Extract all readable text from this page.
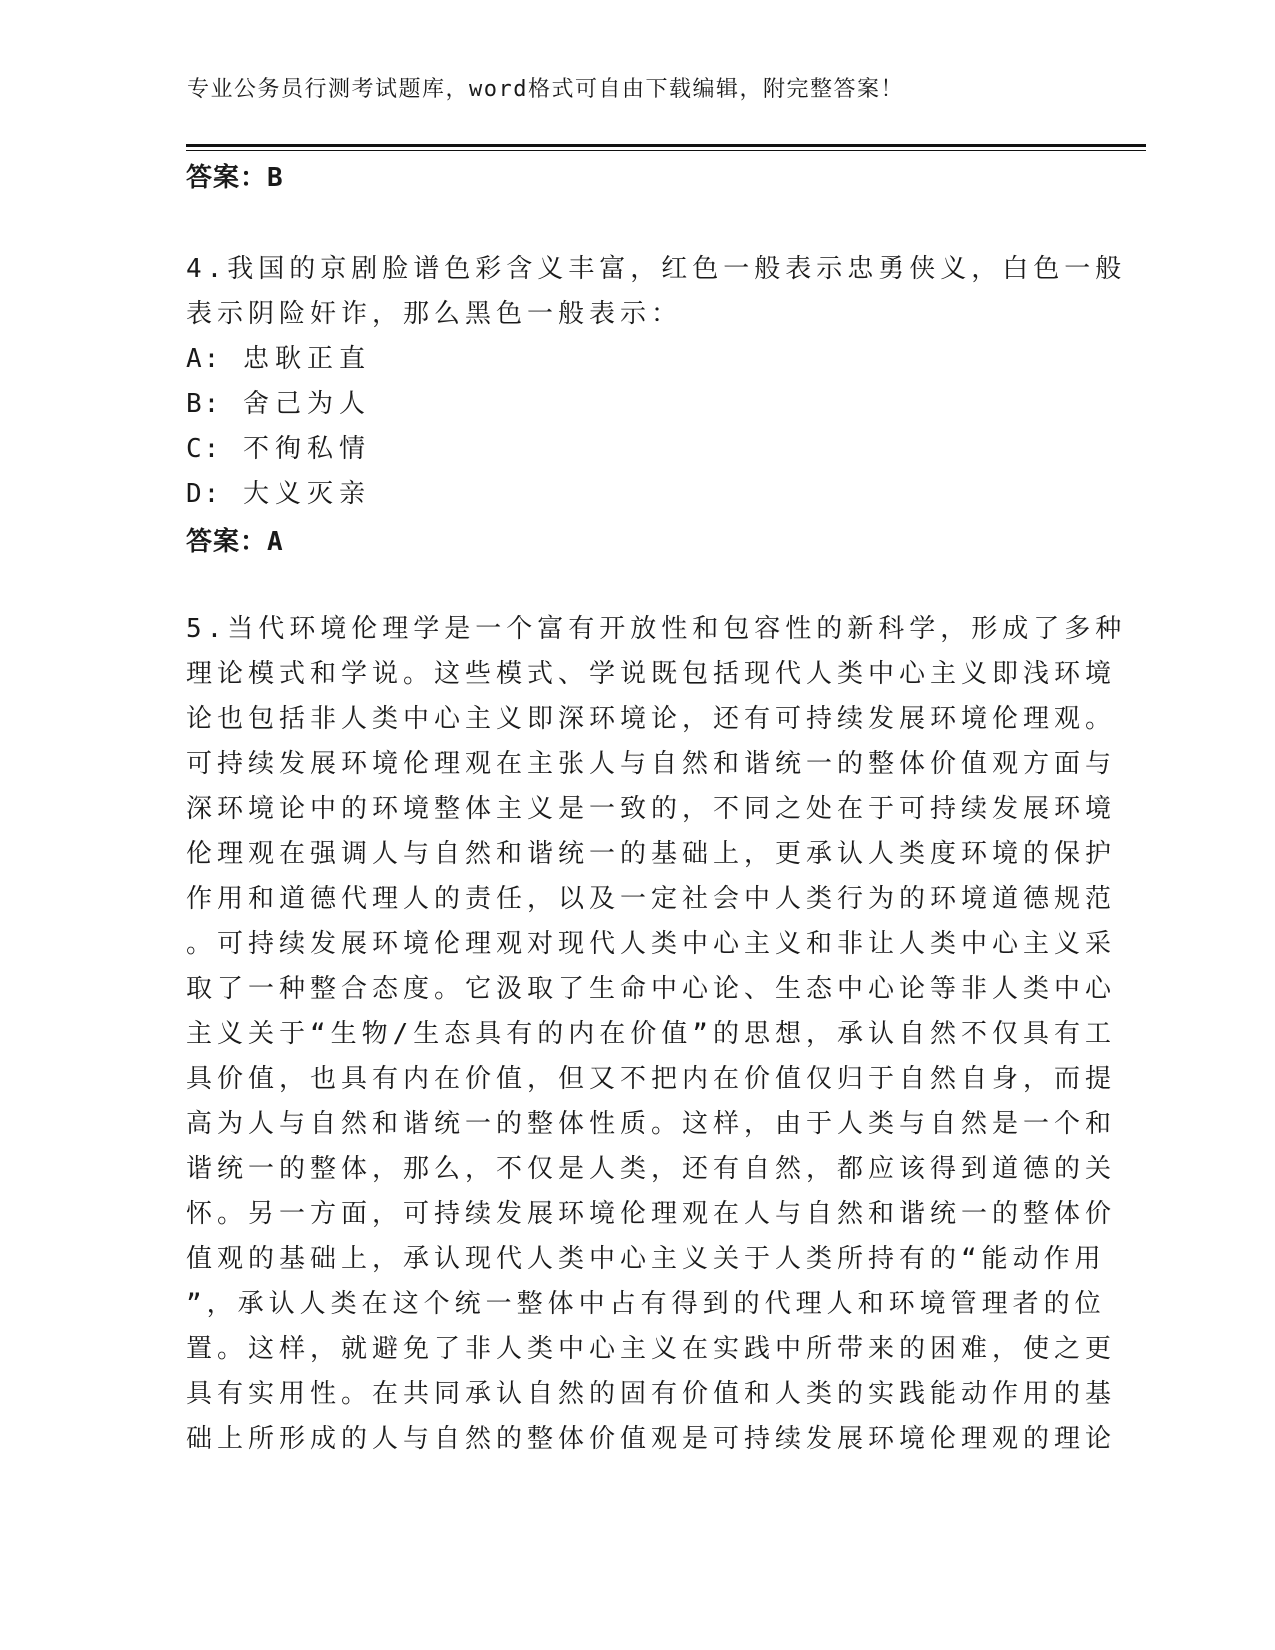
专业公务员行测考试题库，word格式可自由下载编辑，附完整答案！
答案：B
4.我国的京剧脸谱色彩含义丰富，红色一般表示忠勇侠义，白色一般
表示阴险奸诈，那么黑色一般表示：
A: 忠耿正直
B: 舍己为人
C: 不徇私情
D: 大义灭亲
答案：A
5.当代环境伦理学是一个富有开放性和包容性的新科学，形成了多种
理论模式和学说。这些模式、学说既包括现代人类中心主义即浅环境
论也包括非人类中心主义即深环境论，还有可持续发展环境伦理观。
可持续发展环境伦理观在主张人与自然和谐统一的整体价值观方面与
深环境论中的环境整体主义是一致的，不同之处在于可持续发展环境
伦理观在强调人与自然和谐统一的基础上，更承认人类度环境的保护
作用和道德代理人的责任，以及一定社会中人类行为的环境道德规范
。可持续发展环境伦理观对现代人类中心主义和非让人类中心主义采
取了一种整合态度。它汲取了生命中心论、生态中心论等非人类中心
主义关于“生物/生态具有的内在价值”的思想，承认自然不仅具有工
具价值，也具有内在价值，但又不把内在价值仅归于自然自身，而提
高为人与自然和谐统一的整体性质。这样，由于人类与自然是一个和
谐统一的整体，那么，不仅是人类，还有自然，都应该得到道德的关
怀。另一方面，可持续发展环境伦理观在人与自然和谐统一的整体价
值观的基础上，承认现代人类中心主义关于人类所持有的“能动作用
”，承认人类在这个统一整体中占有得到的代理人和环境管理者的位
置。这样，就避免了非人类中心主义在实践中所带来的困难，使之更
具有实用性。在共同承认自然的固有价值和人类的实践能动作用的基
础上所形成的人与自然的整体价值观是可持续发展环境伦理观的理论
